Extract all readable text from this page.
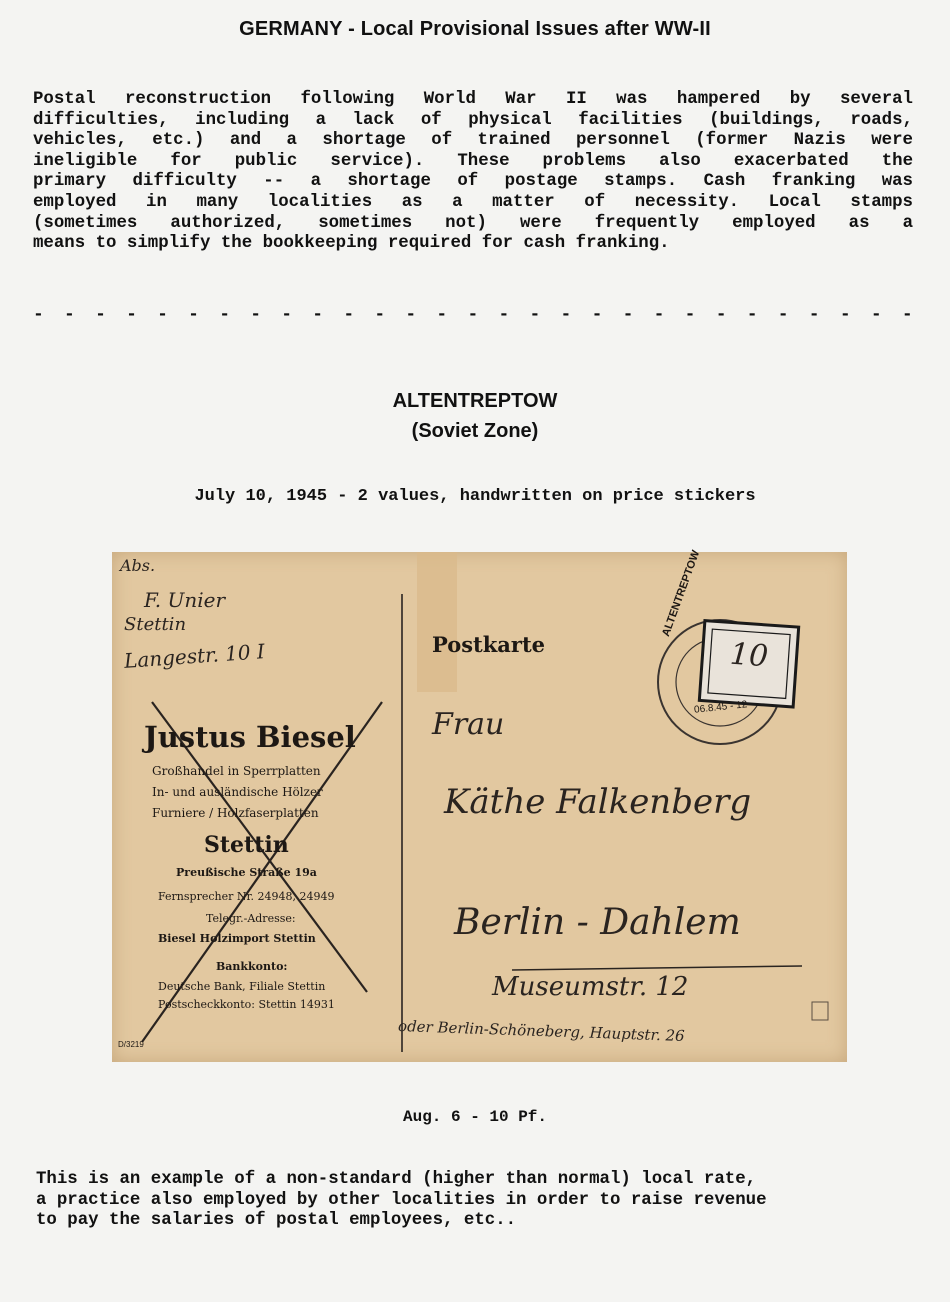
GERMANY - Local Provisional Issues after WW-II
Postal reconstruction following World War II was hampered by several
difficulties, including a lack of physical facilities (buildings, roads,
vehicles, etc.) and a shortage of trained personnel (former Nazis were
ineligible for public service). These problems also exacerbated the
primary difficulty -- a shortage of postage stamps. Cash franking was
employed in many localities as a matter of necessity. Local stamps
(sometimes authorized, sometimes not) were frequently employed as a
means to simplify the bookkeeping required for cash franking.
- - - - - - - - - - - - - - - - - - - - - - - - - - - - -
ALTENTREPTOW
(Soviet Zone)
July 10, 1945 - 2 values, handwritten on price stickers
Abs.
F. Unier
Stettin
Langestr. 10 I
Justus Biesel
Großhandel in Sperrplatten
In- und ausländische Hölzer
Furniere / Holzfaserplatten
Stettin
Preußische Straße 19a
Fernsprecher Nr. 24948, 24949
Telegr.-Adresse:
Biesel Holzimport Stettin
Bankkonto:
Deutsche Bank, Filiale Stettin
Postscheckkonto: Stettin 14931
D/3219
Postkarte
ALTENTREPTOW
06.8.45 - 12
10
Frau
Käthe Falkenberg
Berlin - Dahlem
Museumstr. 12
oder Berlin-Schöneberg, Hauptstr. 26
Aug. 6 - 10 Pf.
This is an example of a non-standard (higher than normal) local rate,
a practice also employed by other localities in order to raise revenue
to pay the salaries of postal employees, etc..
